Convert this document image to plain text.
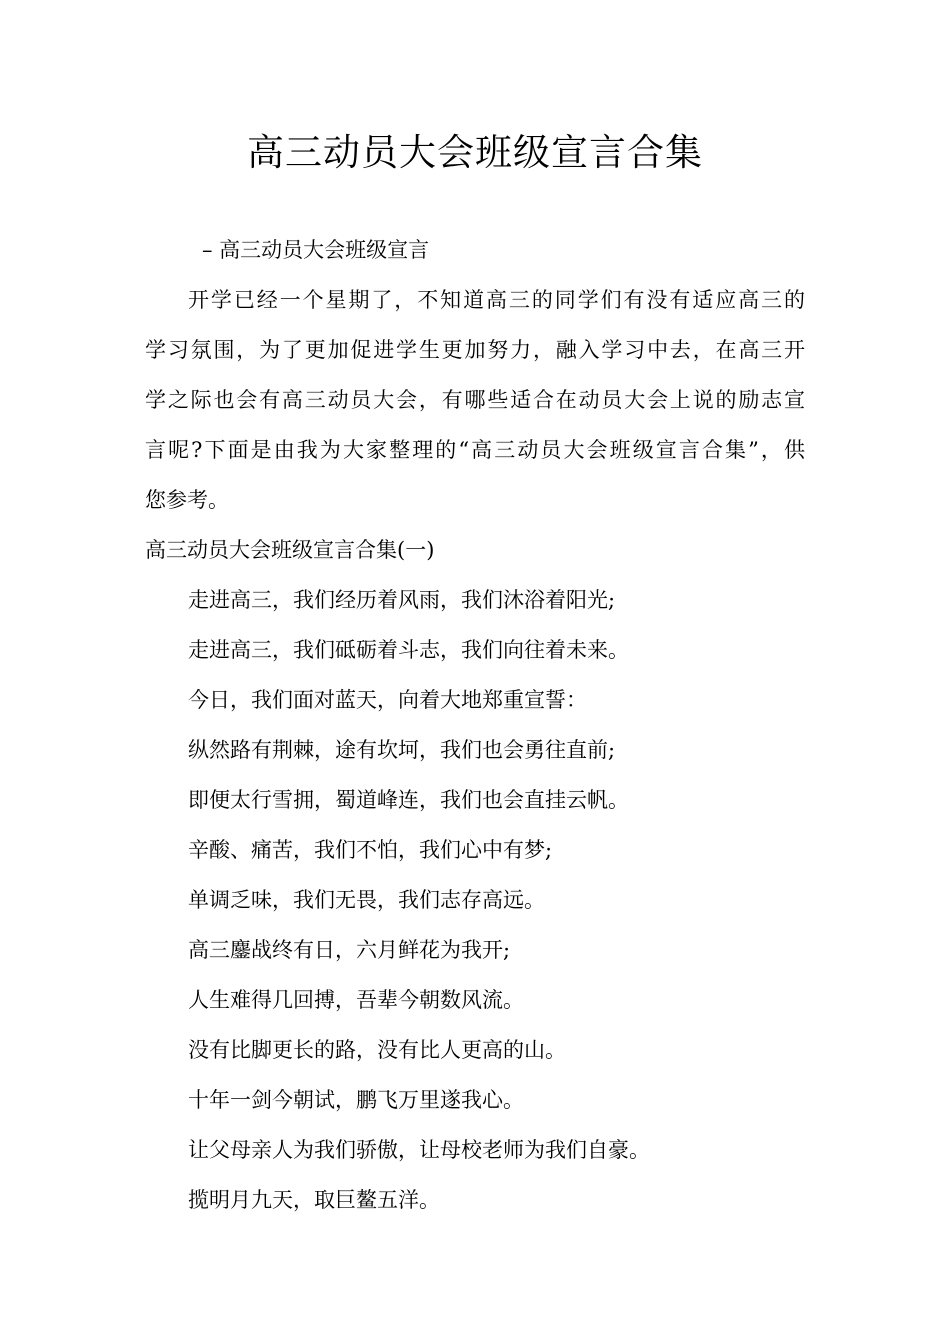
高三动员大会班级宣言合集
– 高三动员大会班级宣言
开学已经一个星期了，不知道高三的同学们有没有适应高三的
学习氛围，为了更加促进学生更加努力，融入学习中去，在高三开
学之际也会有高三动员大会，有哪些适合在动员大会上说的励志宣
言呢?下面是由我为大家整理的“高三动员大会班级宣言合集”，供
您参考。
高三动员大会班级宣言合集(一)
走进高三，我们经历着风雨，我们沐浴着阳光;
走进高三，我们砥砺着斗志，我们向往着未来。
今日，我们面对蓝天，向着大地郑重宣誓：
纵然路有荆棘，途有坎坷，我们也会勇往直前;
即便太行雪拥，蜀道峰连，我们也会直挂云帆。
辛酸、痛苦，我们不怕，我们心中有梦;
单调乏味，我们无畏，我们志存高远。
高三鏖战终有日，六月鲜花为我开;
人生难得几回搏，吾辈今朝数风流。
没有比脚更长的路，没有比人更高的山。
十年一剑今朝试，鹏飞万里遂我心。
让父母亲人为我们骄傲，让母校老师为我们自豪。
揽明月九天，取巨鳌五洋。
